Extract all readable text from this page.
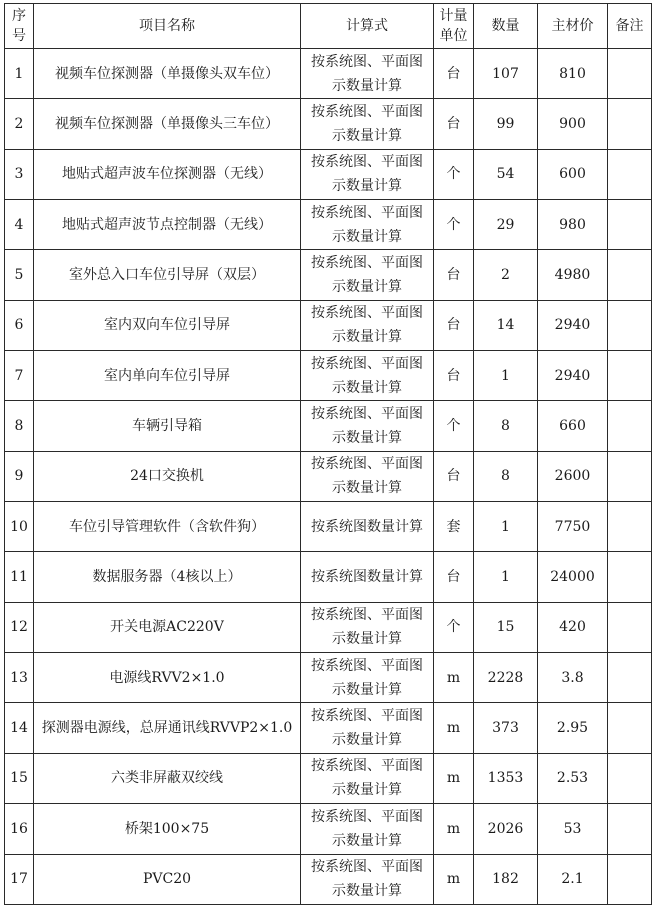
序号	项目名称	计算式	计量单位	数量	主材价	备注
1	视频车位探测器（单摄像头双车位）	按系统图、平面图示数量计算	台	107	810	
2	视频车位探测器（单摄像头三车位）	按系统图、平面图示数量计算	台	99	900	
3	地贴式超声波车位探测器（无线）	按系统图、平面图示数量计算	个	54	600	
4	地贴式超声波节点控制器（无线）	按系统图、平面图示数量计算	个	29	980	
5	室外总入口车位引导屏（双层）	按系统图、平面图示数量计算	台	2	4980	
6	室内双向车位引导屏	按系统图、平面图示数量计算	台	14	2940	
7	室内单向车位引导屏	按系统图、平面图示数量计算	台	1	2940	
8	车辆引导箱	按系统图、平面图示数量计算	个	8	660	
9	24口交换机	按系统图、平面图示数量计算	台	8	2600	
10	车位引导管理软件（含软件狗）	按系统图数量计算	套	1	7750	
11	数据服务器（4核以上）	按系统图数量计算	台	1	24000	
12	开关电源AC220V	按系统图、平面图示数量计算	个	15	420	
13	电源线RVV2×1.0	按系统图、平面图示数量计算	m	2228	3.8	
14	探测器电源线，总屏通讯线RVVP2×1.0	按系统图、平面图示数量计算	m	373	2.95	
15	六类非屏蔽双绞线	按系统图、平面图示数量计算	m	1353	2.53	
16	桥架100×75	按系统图、平面图示数量计算	m	2026	53	
17	PVC20	按系统图、平面图示数量计算	m	182	2.1	
